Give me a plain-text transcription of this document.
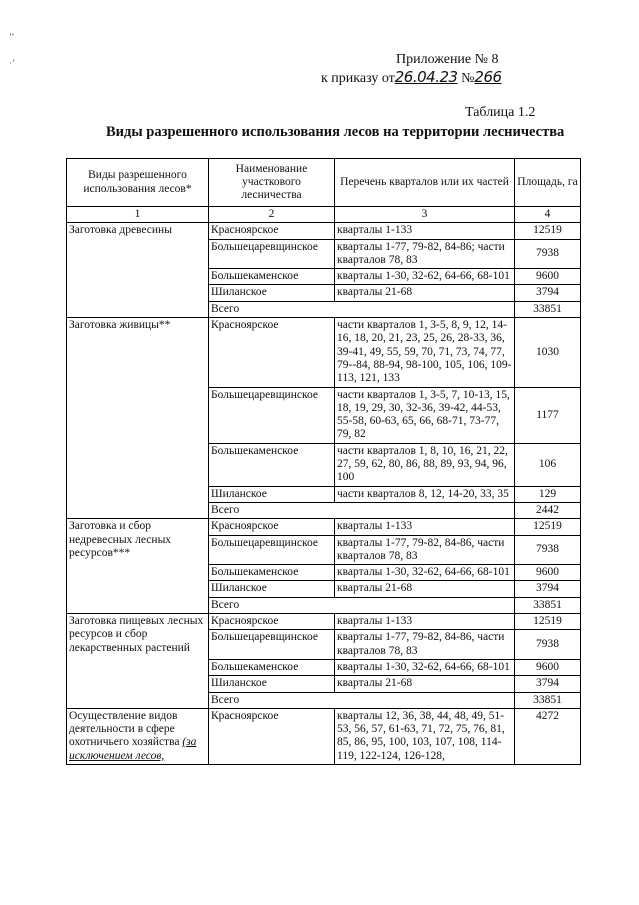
’’
·’	Приложение № 8
к приказу от26.04.23 №266
Таблица 1.2
Виды разрешенного использования лесов на территории лесничества
Виды разрешенного использования лесов*	Наименование участкового лесничества	Перечень кварталов или их частей	Площадь, га
1	2	3	4
Заготовка древесины	Красноярское	кварталы 1-133	12519
	Большецаревщинское	кварталы 1-77, 79-82, 84-86; части кварталов 78, 83	7938
	Большекаменское	кварталы 1-30, 32-62, 64-66, 68-101	9600
	Шиланское	кварталы 21-68	3794
	Всего		33851
Заготовка живицы**	Красноярское	части кварталов 1, 3-5, 8, 9, 12, 14-16, 18, 20, 21, 23, 25, 26, 28-33, 36, 39-41, 49, 55, 59, 70, 71, 73, 74, 77, 79--84, 88-94, 98-100, 105, 106, 109-113, 121, 133	1030
	Большецаревщинское	части кварталов 1, 3-5, 7, 10-13, 15, 18, 19, 29, 30, 32-36, 39-42, 44-53, 55-58, 60-63, 65, 66, 68-71, 73-77, 79, 82	1177
	Большекаменское	части кварталов 1, 8, 10, 16, 21, 22, 27, 59, 62, 80, 86, 88, 89, 93, 94, 96, 100	106
	Шиланское	части кварталов 8, 12, 14-20, 33, 35	129
	Всего		2442
Заготовка и сбор недревесных лесных ресурсов***	Красноярское	кварталы 1-133	12519
	Большецаревщинское	кварталы 1-77, 79-82, 84-86, части кварталов 78, 83	7938
	Большекаменское	кварталы 1-30, 32-62, 64-66, 68-101	9600
	Шиланское	кварталы 21-68	3794
	Всего		33851
Заготовка пищевых лесных ресурсов и сбор лекарственных растений	Красноярское	кварталы 1-133	12519
	Большецаревщинское	кварталы 1-77, 79-82, 84-86, части кварталов 78, 83	7938
	Большекаменское	кварталы 1-30, 32-62, 64-66, 68-101	9600
	Шиланское	кварталы 21-68	3794
	Всего		33851
Осуществление видов деятельности в сфере охотничьего хозяйства (за исключением лесов,	Красноярское	кварталы 12, 36, 38, 44, 48, 49, 51-53, 56, 57, 61-63, 71, 72, 75, 76, 81, 85, 86, 95, 100, 103, 107, 108, 114-119, 122-124, 126-128,	4272
